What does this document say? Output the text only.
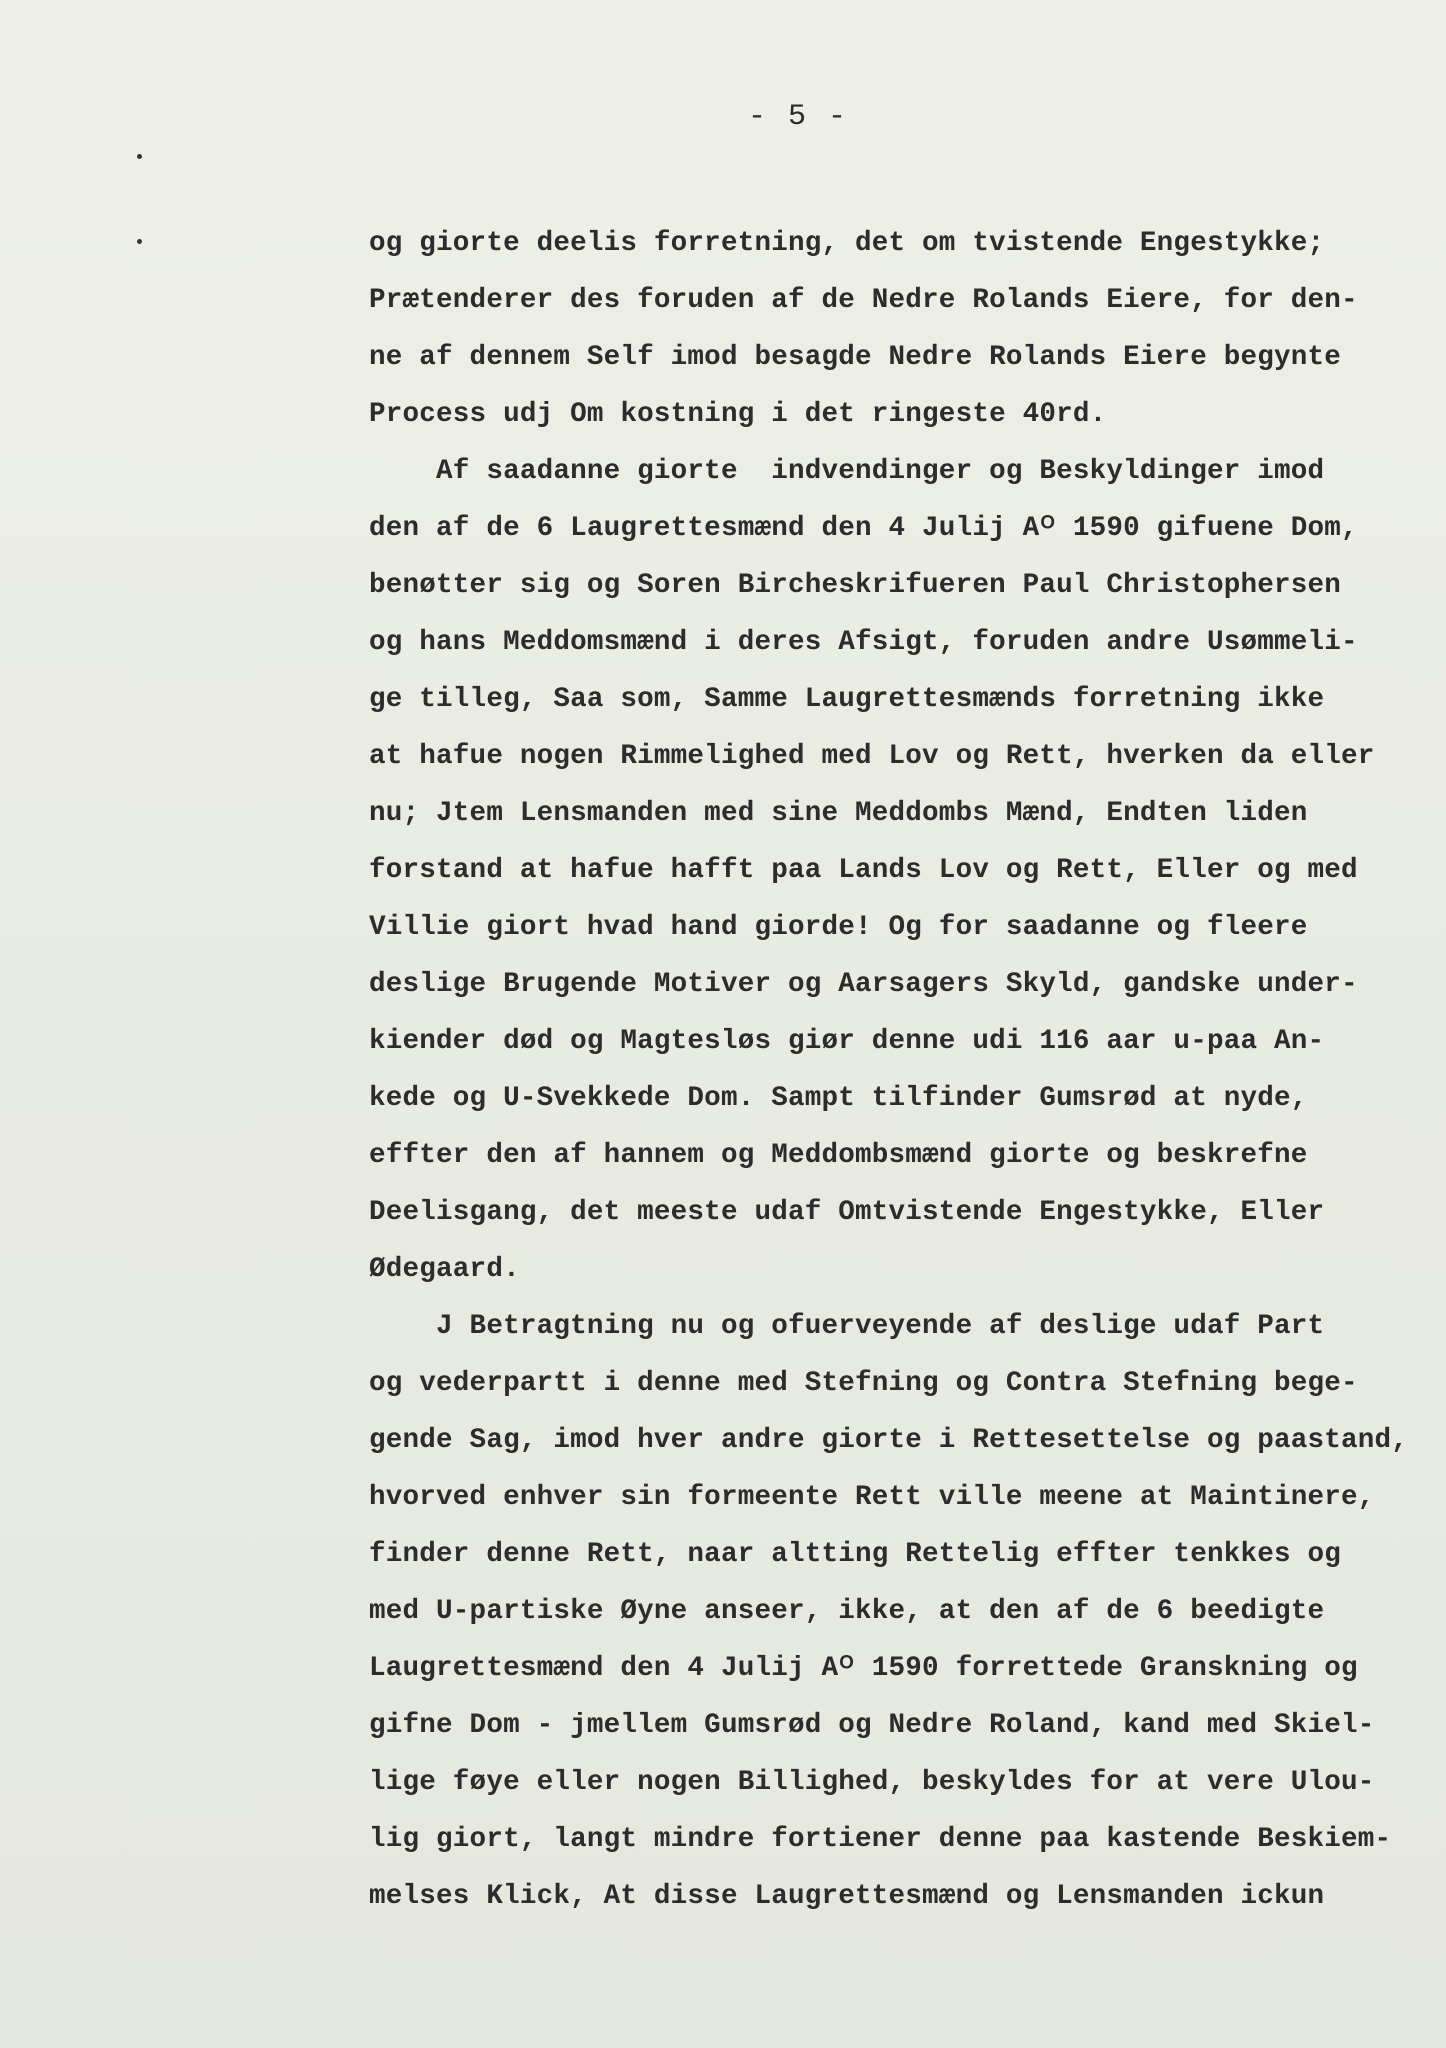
- 5 -
og giorte deelis forretning, det om tvistende Engestykke;
Prætenderer des foruden af de Nedre Rolands Eiere, for den-
ne af dennem Self imod besagde Nedre Rolands Eiere begynte
Process udj Om kostning i det ringeste 40rd.
Af saadanne giorte  indvendinger og Beskyldinger imod
den af de 6 Laugrettesmænd den 4 Julij Aᴼ 1590 gifuene Dom,
benøtter sig og Soren Bircheskrifueren Paul Christophersen
og hans Meddomsmænd i deres Afsigt, foruden andre Usømmeli-
ge tilleg, Saa som, Samme Laugrettesmænds forretning ikke
at hafue nogen Rimmelighed med Lov og Rett, hverken da eller
nu; Jtem Lensmanden med sine Meddombs Mænd, Endten liden
forstand at hafue hafft paa Lands Lov og Rett, Eller og med
Villie giort hvad hand giorde! Og for saadanne og fleere
deslige Brugende Motiver og Aarsagers Skyld, gandske under-
kiender død og Magtesløs giør denne udi 116 aar u-paa An-
kede og U-Svekkede Dom. Sampt tilfinder Gumsrød at nyde,
effter den af hannem og Meddombsmænd giorte og beskrefne
Deelisgang, det meeste udaf Omtvistende Engestykke, Eller
Ødegaard.
J Betragtning nu og ofuerveyende af deslige udaf Part
og vederpartt i denne med Stefning og Contra Stefning bege-
gende Sag, imod hver andre giorte i Rettesettelse og paastand,
hvorved enhver sin formeente Rett ville meene at Maintinere,
finder denne Rett, naar altting Rettelig effter tenkkes og
med U-partiske Øyne anseer, ikke, at den af de 6 beedigte
Laugrettesmænd den 4 Julij Aᴼ 1590 forrettede Granskning og
gifne Dom - jmellem Gumsrød og Nedre Roland, kand med Skiel-
lige føye eller nogen Billighed, beskyldes for at vere Ulou-
lig giort, langt mindre fortiener denne paa kastende Beskiem-
melses Klick, At disse Laugrettesmænd og Lensmanden ickun
